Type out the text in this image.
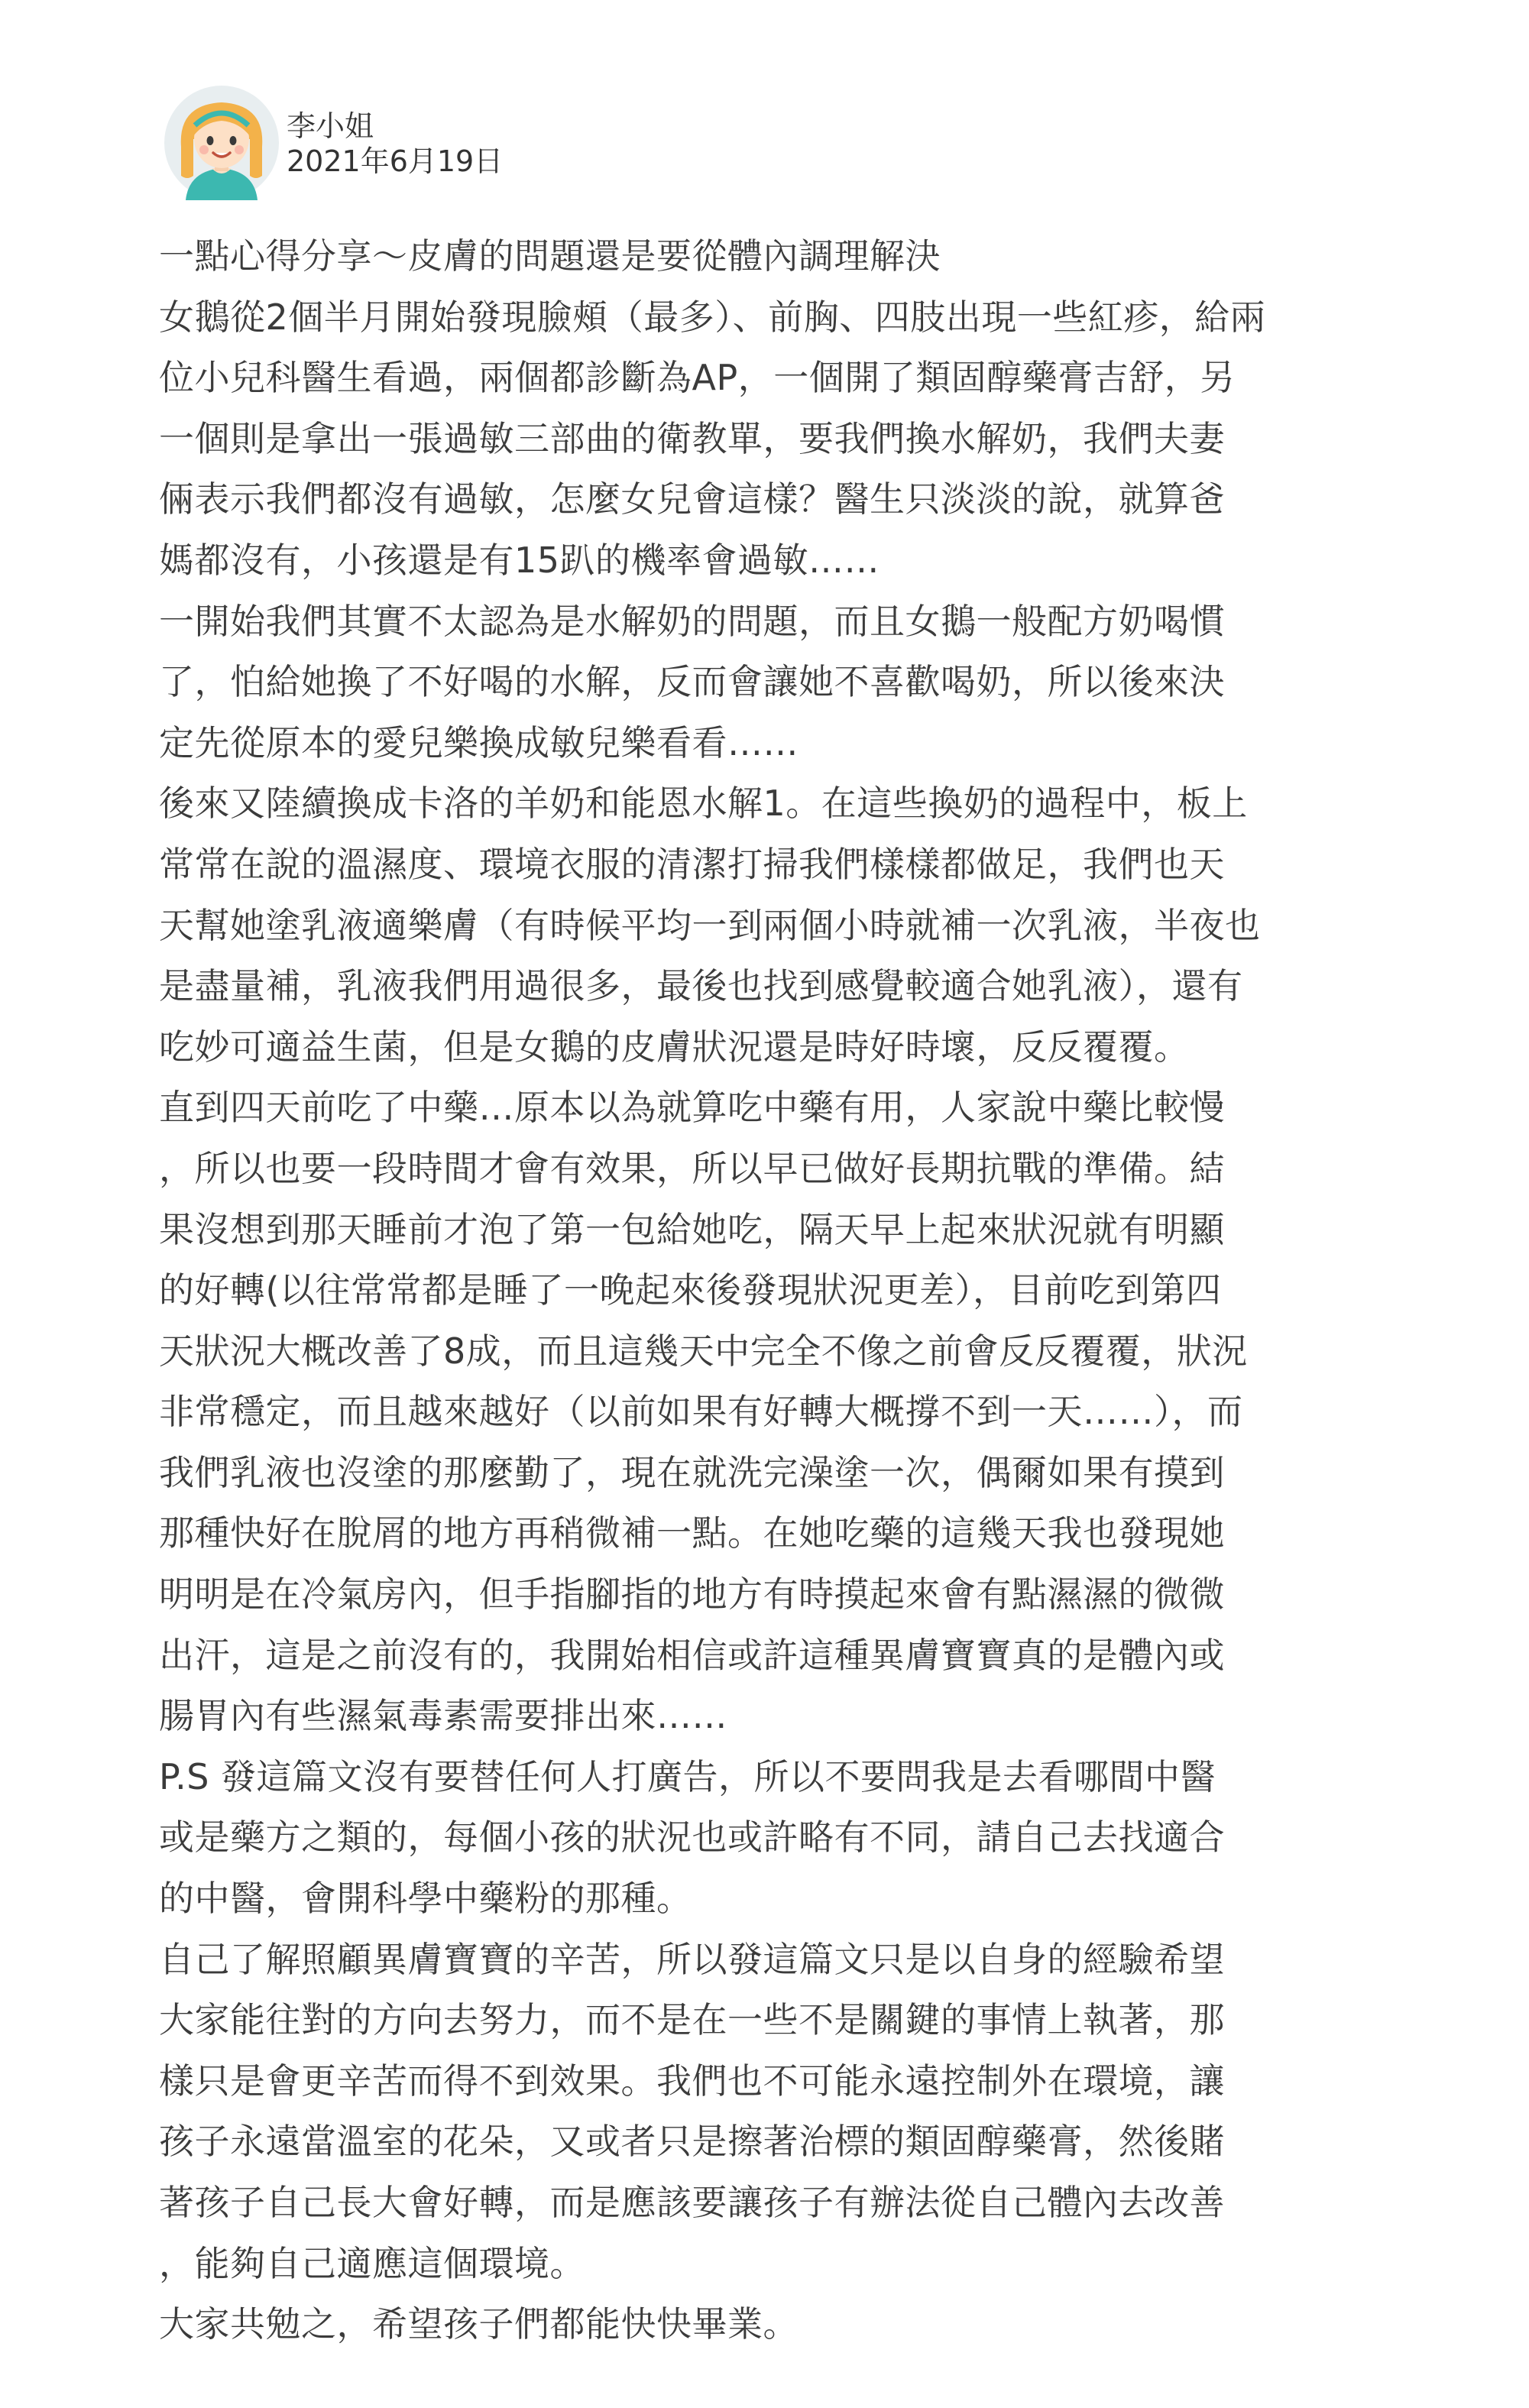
李小姐
2021年6月19日

一點心得分享～皮膚的問題還是要從體內調理解決

女鵝從2個半月開始發現臉頰（最多）、前胸、四肢出現一些紅疹，給兩

位小兒科醫生看過，兩個都診斷為AP，一個開了類固醇藥膏吉舒，另

一個則是拿出一張過敏三部曲的衛教單，要我們換水解奶，我們夫妻

倆表示我們都沒有過敏，怎麼女兒會這樣？醫生只淡淡的說，就算爸

媽都沒有，小孩還是有15趴的機率會過敏……

一開始我們其實不太認為是水解奶的問題，而且女鵝一般配方奶喝慣

了，怕給她換了不好喝的水解，反而會讓她不喜歡喝奶，所以後來決

定先從原本的愛兒樂換成敏兒樂看看……

後來又陸續換成卡洛的羊奶和能恩水解1。在這些換奶的過程中，板上

常常在說的溫濕度、環境衣服的清潔打掃我們樣樣都做足，我們也天

天幫她塗乳液適樂膚（有時候平均一到兩個小時就補一次乳液，半夜也

是盡量補，乳液我們用過很多，最後也找到感覺較適合她乳液），還有

吃妙可適益生菌，但是女鵝的皮膚狀況還是時好時壞，反反覆覆。

直到四天前吃了中藥…原本以為就算吃中藥有用，人家說中藥比較慢

，所以也要一段時間才會有效果，所以早已做好長期抗戰的準備。結

果沒想到那天睡前才泡了第一包給她吃，隔天早上起來狀況就有明顯

的好轉(以往常常都是睡了一晚起來後發現狀況更差），目前吃到第四

天狀況大概改善了8成，而且這幾天中完全不像之前會反反覆覆，狀況

非常穩定，而且越來越好（以前如果有好轉大概撐不到一天……），而

我們乳液也沒塗的那麼勤了，現在就洗完澡塗一次，偶爾如果有摸到

那種快好在脫屑的地方再稍微補一點。在她吃藥的這幾天我也發現她

明明是在冷氣房內，但手指腳指的地方有時摸起來會有點濕濕的微微

出汗，這是之前沒有的，我開始相信或許這種異膚寶寶真的是體內或

腸胃內有些濕氣毒素需要排出來……

P.S 發這篇文沒有要替任何人打廣告，所以不要問我是去看哪間中醫

或是藥方之類的，每個小孩的狀況也或許略有不同，請自己去找適合

的中醫，會開科學中藥粉的那種。

自己了解照顧異膚寶寶的辛苦，所以發這篇文只是以自身的經驗希望

大家能往對的方向去努力，而不是在一些不是關鍵的事情上執著，那

樣只是會更辛苦而得不到效果。我們也不可能永遠控制外在環境，讓

孩子永遠當溫室的花朵，又或者只是擦著治標的類固醇藥膏，然後賭

著孩子自己長大會好轉，而是應該要讓孩子有辦法從自己體內去改善

，能夠自己適應這個環境。

大家共勉之，希望孩子們都能快快畢業。
